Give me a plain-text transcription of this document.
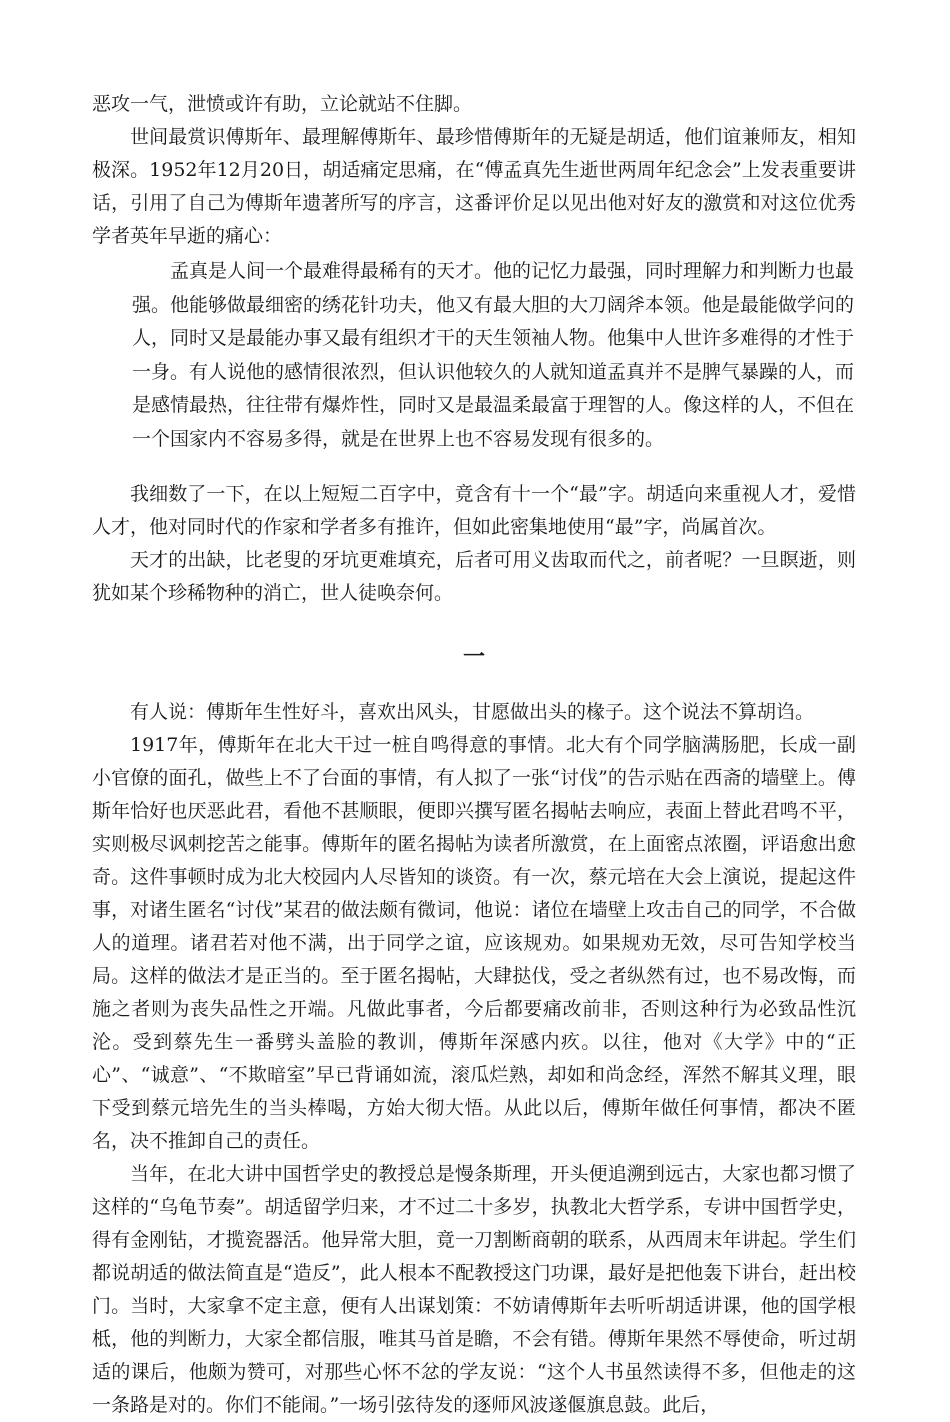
恶攻一气，泄愤或许有助，立论就站不住脚。

世间最赏识傅斯年、最理解傅斯年、最珍惜傅斯年的无疑是胡适，他们谊兼师友，相知极深。1952年12月20日，胡适痛定思痛，在“傅孟真先生逝世两周年纪念会”上发表重要讲话，引用了自己为傅斯年遗著所写的序言，这番评价足以见出他对好友的激赏和对这位优秀学者英年早逝的痛心：

孟真是人间一个最难得最稀有的天才。他的记忆力最强，同时理解力和判断力也最强。他能够做最细密的绣花针功夫，他又有最大胆的大刀阔斧本领。他是最能做学问的人，同时又是最能办事又最有组织才干的天生领袖人物。他集中人世许多难得的才性于一身。有人说他的感情很浓烈，但认识他较久的人就知道孟真并不是脾气暴躁的人，而是感情最热，往往带有爆炸性，同时又是最温柔最富于理智的人。像这样的人，不但在一个国家内不容易多得，就是在世界上也不容易发现有很多的。

我细数了一下，在以上短短二百字中，竟含有十一个“最”字。胡适向来重视人才，爱惜人才，他对同时代的作家和学者多有推许，但如此密集地使用“最”字，尚属首次。

天才的出缺，比老叟的牙坑更难填充，后者可用义齿取而代之，前者呢？一旦瞑逝，则犹如某个珍稀物种的消亡，世人徒唤奈何。

一

有人说：傅斯年生性好斗，喜欢出风头，甘愿做出头的椽子。这个说法不算胡诌。

1917年，傅斯年在北大干过一桩自鸣得意的事情。北大有个同学脑满肠肥，长成一副小官僚的面孔，做些上不了台面的事情，有人拟了一张“讨伐”的告示贴在西斋的墙壁上。傅斯年恰好也厌恶此君，看他不甚顺眼，便即兴撰写匿名揭帖去响应，表面上替此君鸣不平，实则极尽讽刺挖苦之能事。傅斯年的匿名揭帖为读者所激赏，在上面密点浓圈，评语愈出愈奇。这件事顿时成为北大校园内人尽皆知的谈资。有一次，蔡元培在大会上演说，提起这件事，对诸生匿名“讨伐”某君的做法颇有微词，他说：诸位在墙壁上攻击自己的同学，不合做人的道理。诸君若对他不满，出于同学之谊，应该规劝。如果规劝无效，尽可告知学校当局。这样的做法才是正当的。至于匿名揭帖，大肆挞伐，受之者纵然有过，也不易改悔，而施之者则为丧失品性之开端。凡做此事者，今后都要痛改前非，否则这种行为必致品性沉沦。受到蔡先生一番劈头盖脸的教训，傅斯年深感内疚。以往，他对《大学》中的“正心”、“诚意”、“不欺暗室”早已背诵如流，滚瓜烂熟，却如和尚念经，浑然不解其义理，眼下受到蔡元培先生的当头棒喝，方始大彻大悟。从此以后，傅斯年做任何事情，都决不匿名，决不推卸自己的责任。

当年，在北大讲中国哲学史的教授总是慢条斯理，开头便追溯到远古，大家也都习惯了这样的“乌龟节奏”。胡适留学归来，才不过二十多岁，执教北大哲学系，专讲中国哲学史，得有金刚钻，才揽瓷器活。他异常大胆，竟一刀割断商朝的联系，从西周末年讲起。学生们都说胡适的做法简直是“造反”，此人根本不配教授这门功课，最好是把他轰下讲台，赶出校门。当时，大家拿不定主意，便有人出谋划策：不妨请傅斯年去听听胡适讲课，他的国学根柢，他的判断力，大家全都信服，唯其马首是瞻，不会有错。傅斯年果然不辱使命，听过胡适的课后，他颇为赞可，对那些心怀不忿的学友说：“这个人书虽然读得不多，但他走的这一条路是对的。你们不能闹。”一场引弦待发的逐师风波遂偃旗息鼓。此后，
